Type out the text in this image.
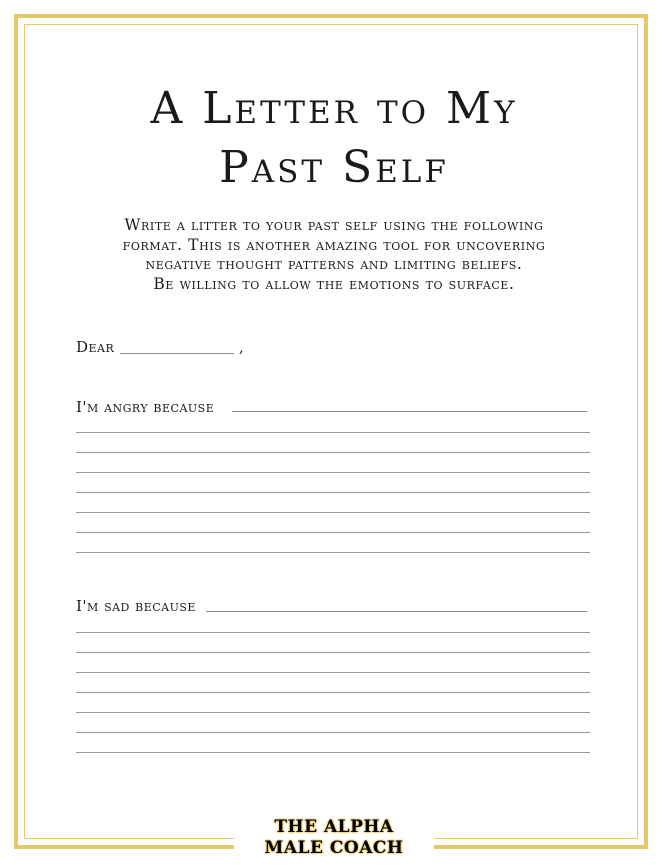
A Letter to My
Past Self
Write a litter to your past self using the following
format. This is another amazing tool for uncovering
negative thought patterns and limiting beliefs.
Be willing to allow the emotions to surface.
Dear	,
I'm angry because
I'm sad because
THE ALPHA
MALE COACH
